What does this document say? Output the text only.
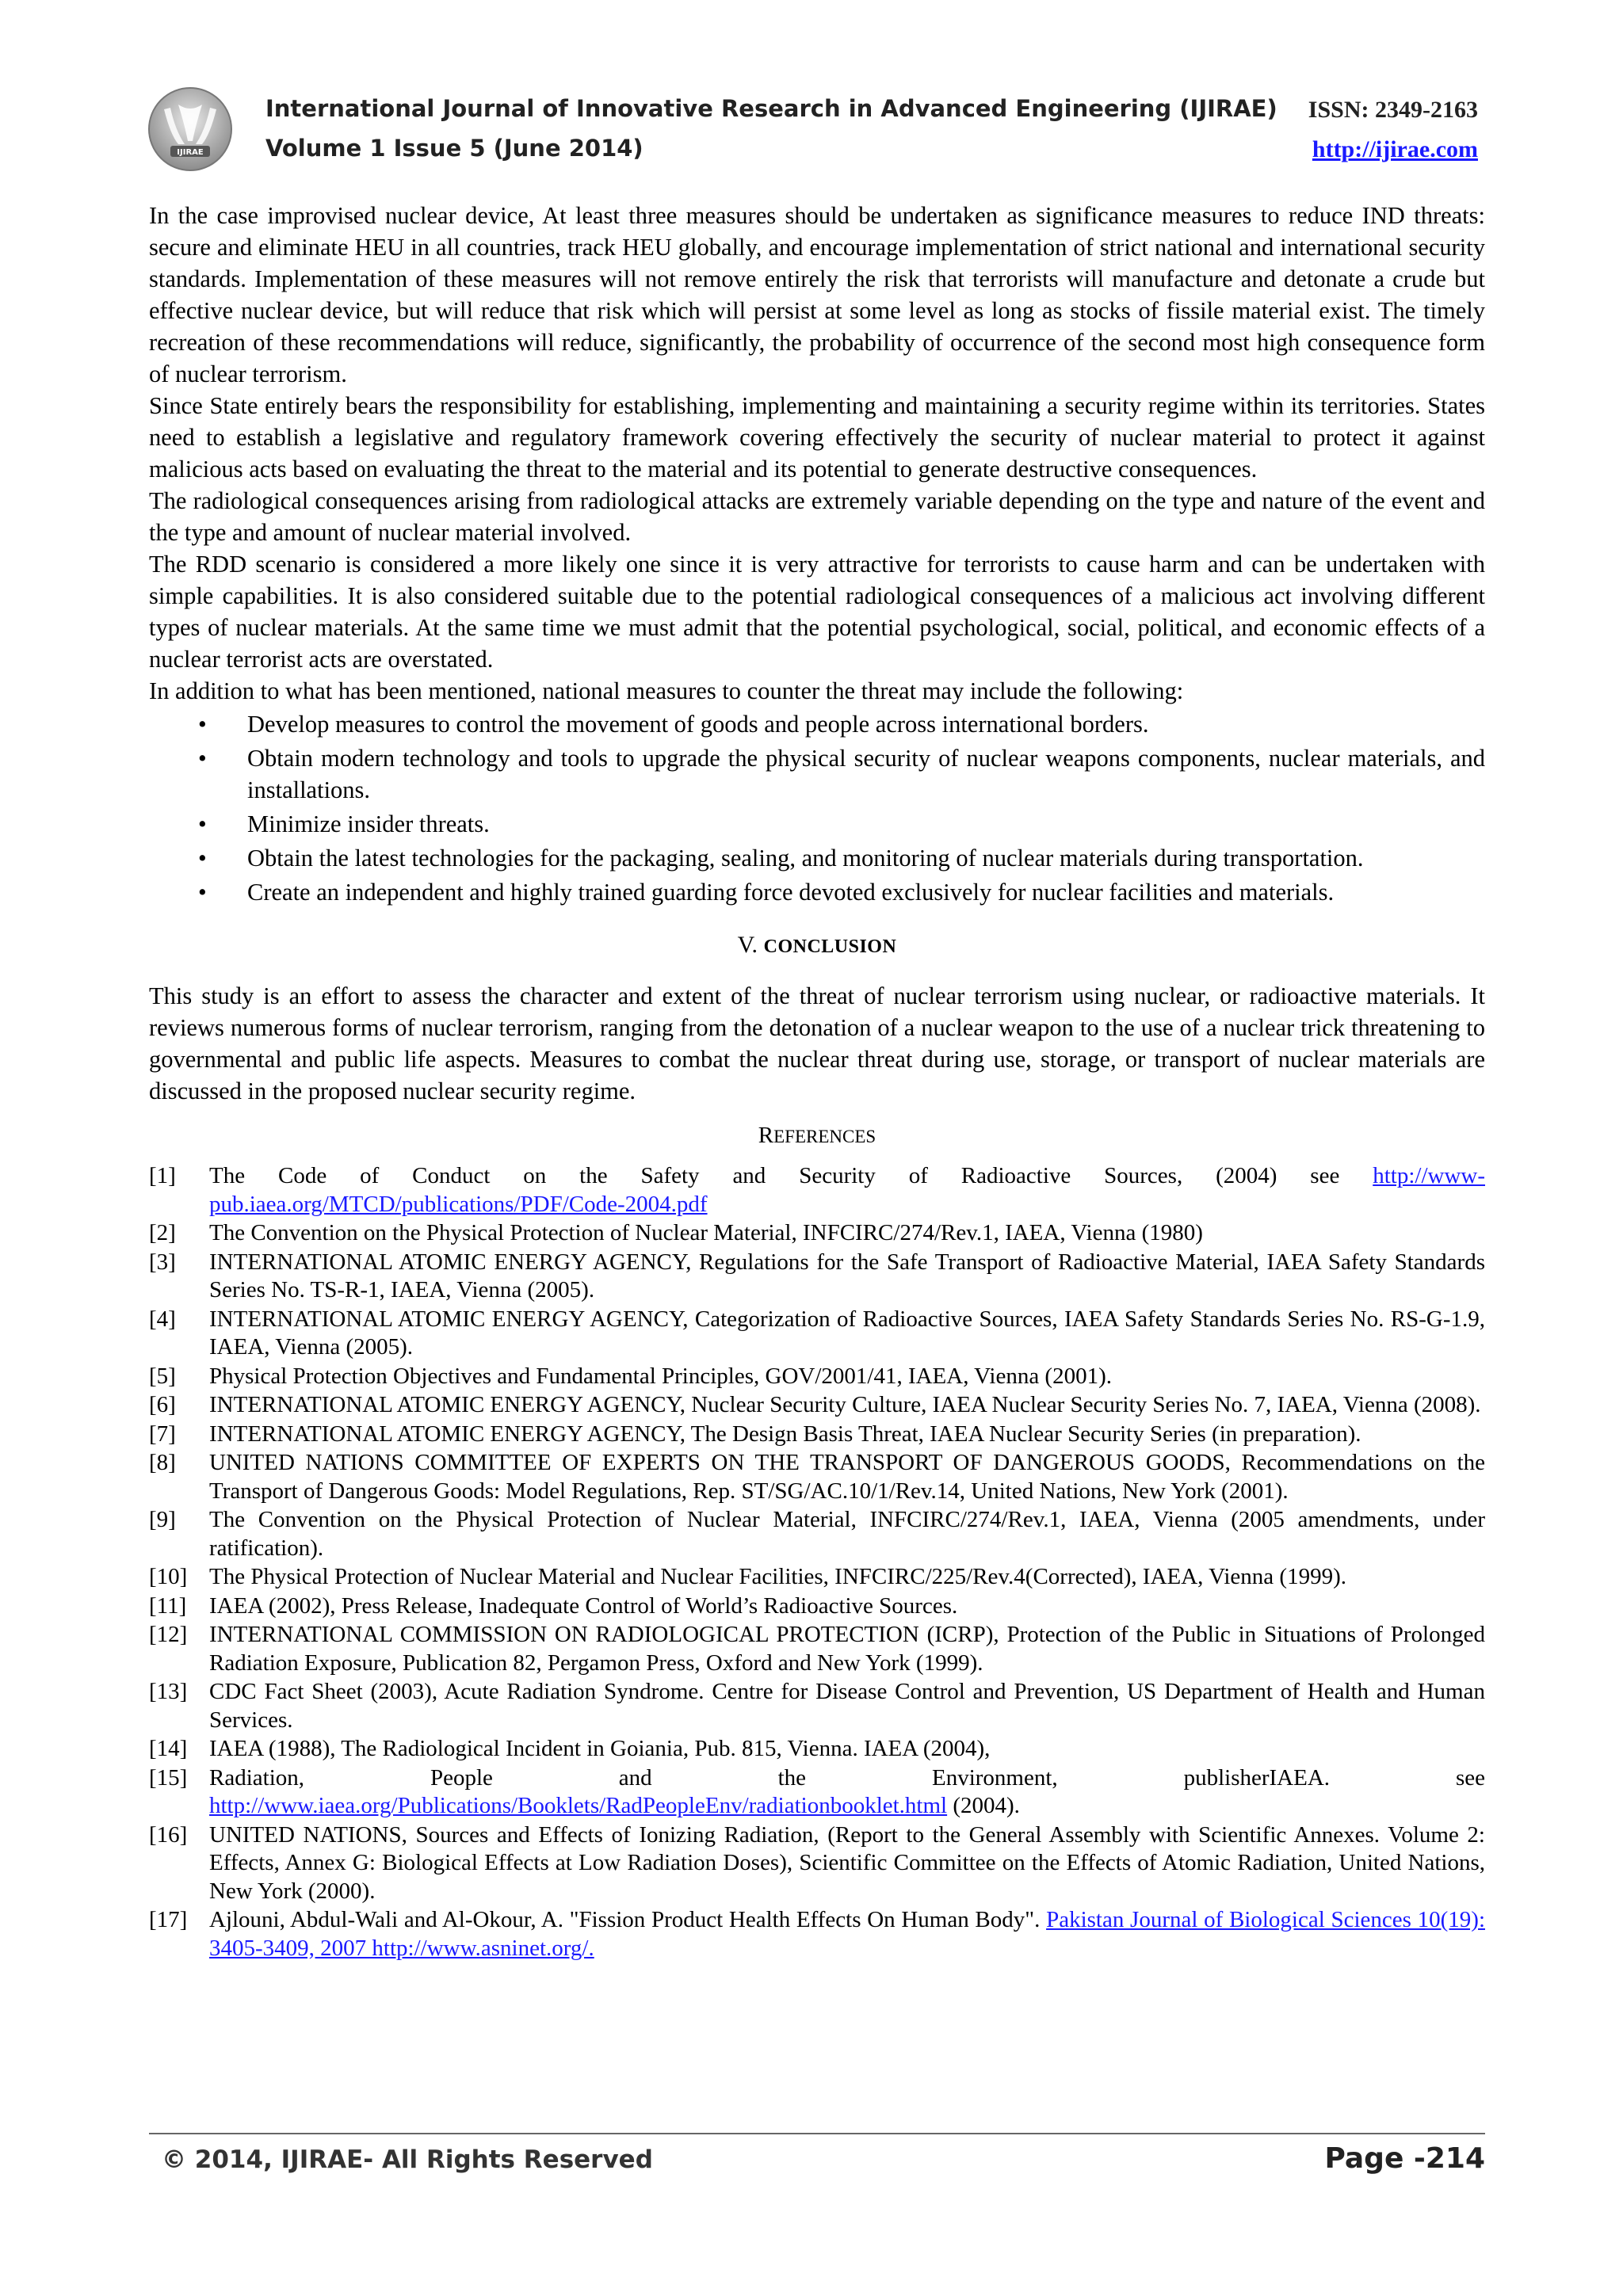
IJIRAE
International Journal of Innovative Research in Advanced Engineering (IJIRAE)
Volume 1 Issue 5 (June 2014)
ISSN: 2349-2163
http://ijirae.com

In the case improvised nuclear device, At least three measures should be undertaken as significance measures to reduce IND threats: secure and eliminate HEU in all countries, track HEU globally, and encourage implementation of strict national and international security standards. Implementation of these measures will not remove entirely the risk that terrorists will manufacture and detonate a crude but effective nuclear device, but will reduce that risk which will persist at some level as long as stocks of fissile material exist. The timely recreation of these recommendations will reduce, significantly, the probability of occurrence of the second most high consequence form of nuclear terrorism.

Since State entirely bears the responsibility for establishing, implementing and maintaining a security regime within its territories. States need to establish a legislative and regulatory framework covering effectively the security of nuclear material to protect it against malicious acts based on evaluating the threat to the material and its potential to generate destructive consequences.

The radiological consequences arising from radiological attacks are extremely variable depending on the type and nature of the event and the type and amount of nuclear material involved.

The RDD scenario is considered a more likely one since it is very attractive for terrorists to cause harm and can be undertaken with simple capabilities. It is also considered suitable due to the potential radiological consequences of a malicious act involving different types of nuclear materials. At the same time we must admit that the potential psychological, social, political, and economic effects of a nuclear terrorist acts are overstated.

In addition to what has been mentioned, national measures to counter the threat may include the following:

• Develop measures to control the movement of goods and people across international borders.
• Obtain modern technology and tools to upgrade the physical security of nuclear weapons components, nuclear materials, and installations.
• Minimize insider threats.
• Obtain the latest technologies for the packaging, sealing, and monitoring of nuclear materials during transportation.
• Create an independent and highly trained guarding force devoted exclusively for nuclear facilities and materials.
V. CONCLUSION

This study is an effort to assess the character and extent of the threat of nuclear terrorism using nuclear, or radioactive materials. It reviews numerous forms of nuclear terrorism, ranging from the detonation of a nuclear weapon to the use of a nuclear trick threatening to governmental and public life aspects. Measures to combat the nuclear threat during use, storage, or transport of nuclear materials are discussed in the proposed nuclear security regime.

REFERENCES
[1] The Code of Conduct on the Safety and Security of Radioactive Sources, (2004) see http://www-pub.iaea.org/MTCD/publications/PDF/Code-2004.pdf
[2] The Convention on the Physical Protection of Nuclear Material, INFCIRC/274/Rev.1, IAEA, Vienna (1980)
[3] INTERNATIONAL ATOMIC ENERGY AGENCY, Regulations for the Safe Transport of Radioactive Material, IAEA Safety Standards Series No. TS-R-1, IAEA, Vienna (2005).
[4] INTERNATIONAL ATOMIC ENERGY AGENCY, Categorization of Radioactive Sources, IAEA Safety Standards Series No. RS-G-1.9, IAEA, Vienna (2005).
[5] Physical Protection Objectives and Fundamental Principles, GOV/2001/41, IAEA, Vienna (2001).
[6] INTERNATIONAL ATOMIC ENERGY AGENCY, Nuclear Security Culture, IAEA Nuclear Security Series No. 7, IAEA, Vienna (2008).
[7] INTERNATIONAL ATOMIC ENERGY AGENCY, The Design Basis Threat, IAEA Nuclear Security Series (in preparation).
[8] UNITED NATIONS COMMITTEE OF EXPERTS ON THE TRANSPORT OF DANGEROUS GOODS, Recommendations on the Transport of Dangerous Goods: Model Regulations, Rep. ST/SG/AC.10/1/Rev.14, United Nations, New York (2001).
[9] The Convention on the Physical Protection of Nuclear Material, INFCIRC/274/Rev.1, IAEA, Vienna (2005 amendments, under ratification).
[10] The Physical Protection of Nuclear Material and Nuclear Facilities, INFCIRC/225/Rev.4(Corrected), IAEA, Vienna (1999).
[11] IAEA (2002), Press Release, Inadequate Control of World’s Radioactive Sources.
[12] INTERNATIONAL COMMISSION ON RADIOLOGICAL PROTECTION (ICRP), Protection of the Public in Situations of Prolonged Radiation Exposure, Publication 82, Pergamon Press, Oxford and New York (1999).
[13] CDC Fact Sheet (2003), Acute Radiation Syndrome. Centre for Disease Control and Prevention, US Department of Health and Human Services.
[14] IAEA (1988), The Radiological Incident in Goiania, Pub. 815, Vienna. IAEA (2004),
[15] Radiation, People and the Environment, publisherIAEA. see http://www.iaea.org/Publications/Booklets/RadPeopleEnv/radiationbooklet.html (2004).
[16] UNITED NATIONS, Sources and Effects of Ionizing Radiation, (Report to the General Assembly with Scientific Annexes. Volume 2: Effects, Annex G: Biological Effects at Low Radiation Doses), Scientific Committee on the Effects of Atomic Radiation, United Nations, New York (2000).
[17] Ajlouni, Abdul-Wali and Al-Okour, A. "Fission Product Health Effects On Human Body". Pakistan Journal of Biological Sciences 10(19): 3405-3409, 2007 http://www.asninet.org/.
© 2014, IJIRAE- All Rights Reserved	Page -214
